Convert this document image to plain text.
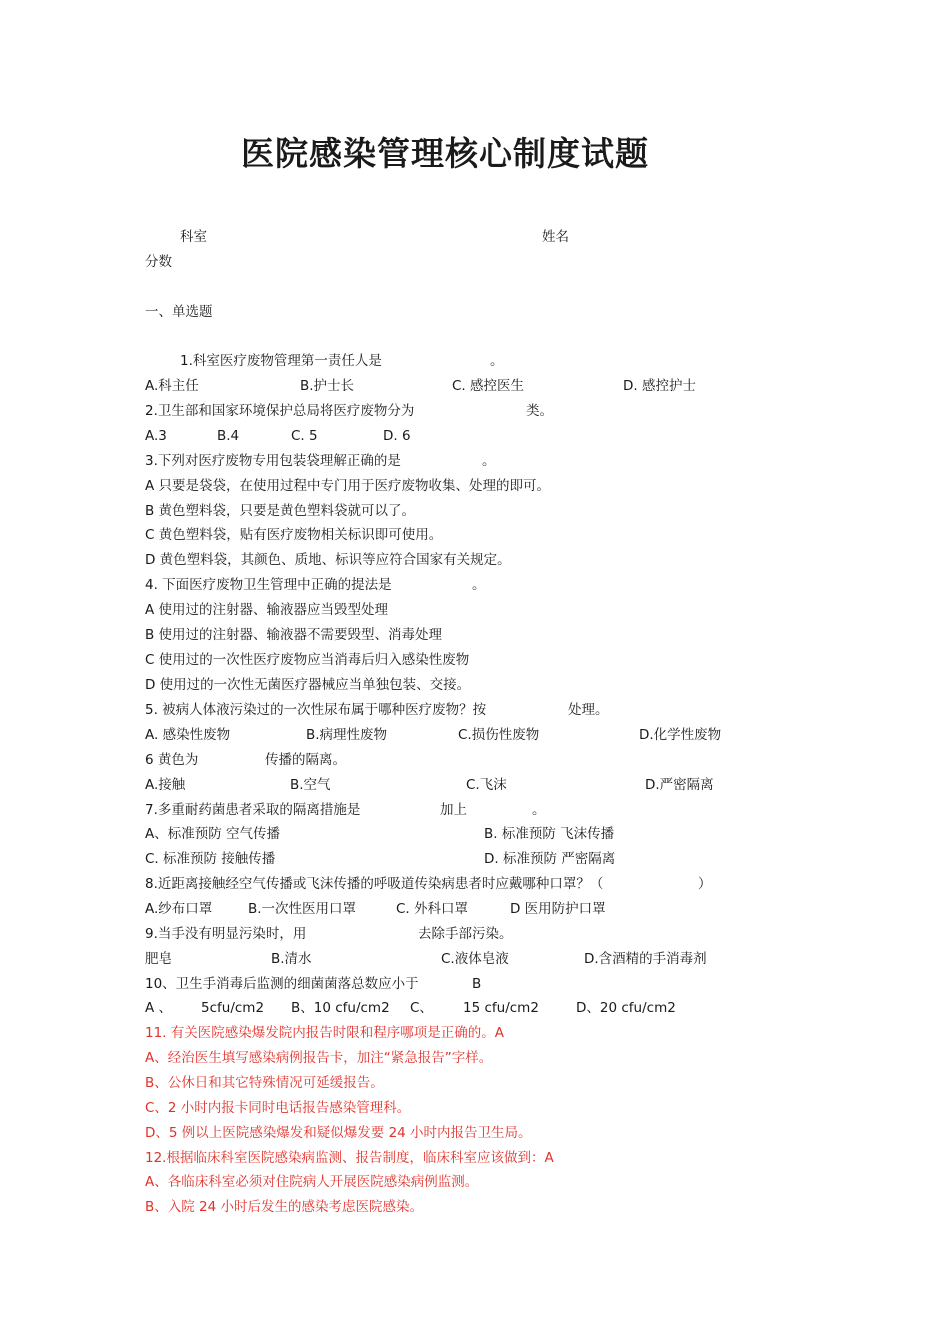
医院感染管理核心制度试题
科室	姓名
分数
一、单选题
1.科室医疗废物管理第一责任人是	。
A.科主任	B.护士长	C. 感控医生	D. 感控护士
2.卫生部和国家环境保护总局将医疗废物分为	类。
A.3	B.4	C. 5	D. 6
3.下列对医疗废物专用包装袋理解正确的是	。
A 只要是袋袋，在使用过程中专门用于医疗废物收集、处理的即可。
B 黄色塑料袋，只要是黄色塑料袋就可以了。
C 黄色塑料袋，贴有医疗废物相关标识即可使用。
D 黄色塑料袋，其颜色、质地、标识等应符合国家有关规定。
4. 下面医疗废物卫生管理中正确的提法是	。
A 使用过的注射器、输液器应当毁型处理
B 使用过的注射器、输液器不需要毁型、消毒处理
C 使用过的一次性医疗废物应当消毒后归入感染性废物
D 使用过的一次性无菌医疗器械应当单独包装、交接。
5. 被病人体液污染过的一次性尿布属于哪种医疗废物？按	处理。
A. 感染性废物	B.病理性废物	C.损伤性废物	D.化学性废物
6 黄色为	传播的隔离。
A.接触	B.空气	C.飞沫	D.严密隔离
7.多重耐药菌患者采取的隔离措施是	加上	。
A、标准预防 空气传播	B. 标准预防 飞沫传播
C. 标准预防 接触传播	D. 标准预防 严密隔离
8.近距离接触经空气传播或飞沫传播的呼吸道传染病患者时应戴哪种口罩？（	）
A.纱布口罩	B.一次性医用口罩	C. 外科口罩	D 医用防护口罩
9.当手没有明显污染时，用	去除手部污染。
肥皂	B.清水	C.液体皂液	D.含酒精的手消毒剂
10、卫生手消毒后监测的细菌菌落总数应小于	B
A 、 5cfu/cm2 B、10 cfu/cm2 C、 15 cfu/cm2	D、20 cfu/cm2
11. 有关医院感染爆发院内报告时限和程序哪项是正确的。A
A、经治医生填写感染病例报告卡，加注“紧急报告”字样。
B、公休日和其它特殊情况可延缓报告。
C、2 小时内报卡同时电话报告感染管理科。
D、5 例以上医院感染爆发和疑似爆发要 24 小时内报告卫生局。
12.根据临床科室医院感染病监测、报告制度，临床科室应该做到：A
A、各临床科室必须对住院病人开展医院感染病例监测。
B、入院 24 小时后发生的感染考虑医院感染。
